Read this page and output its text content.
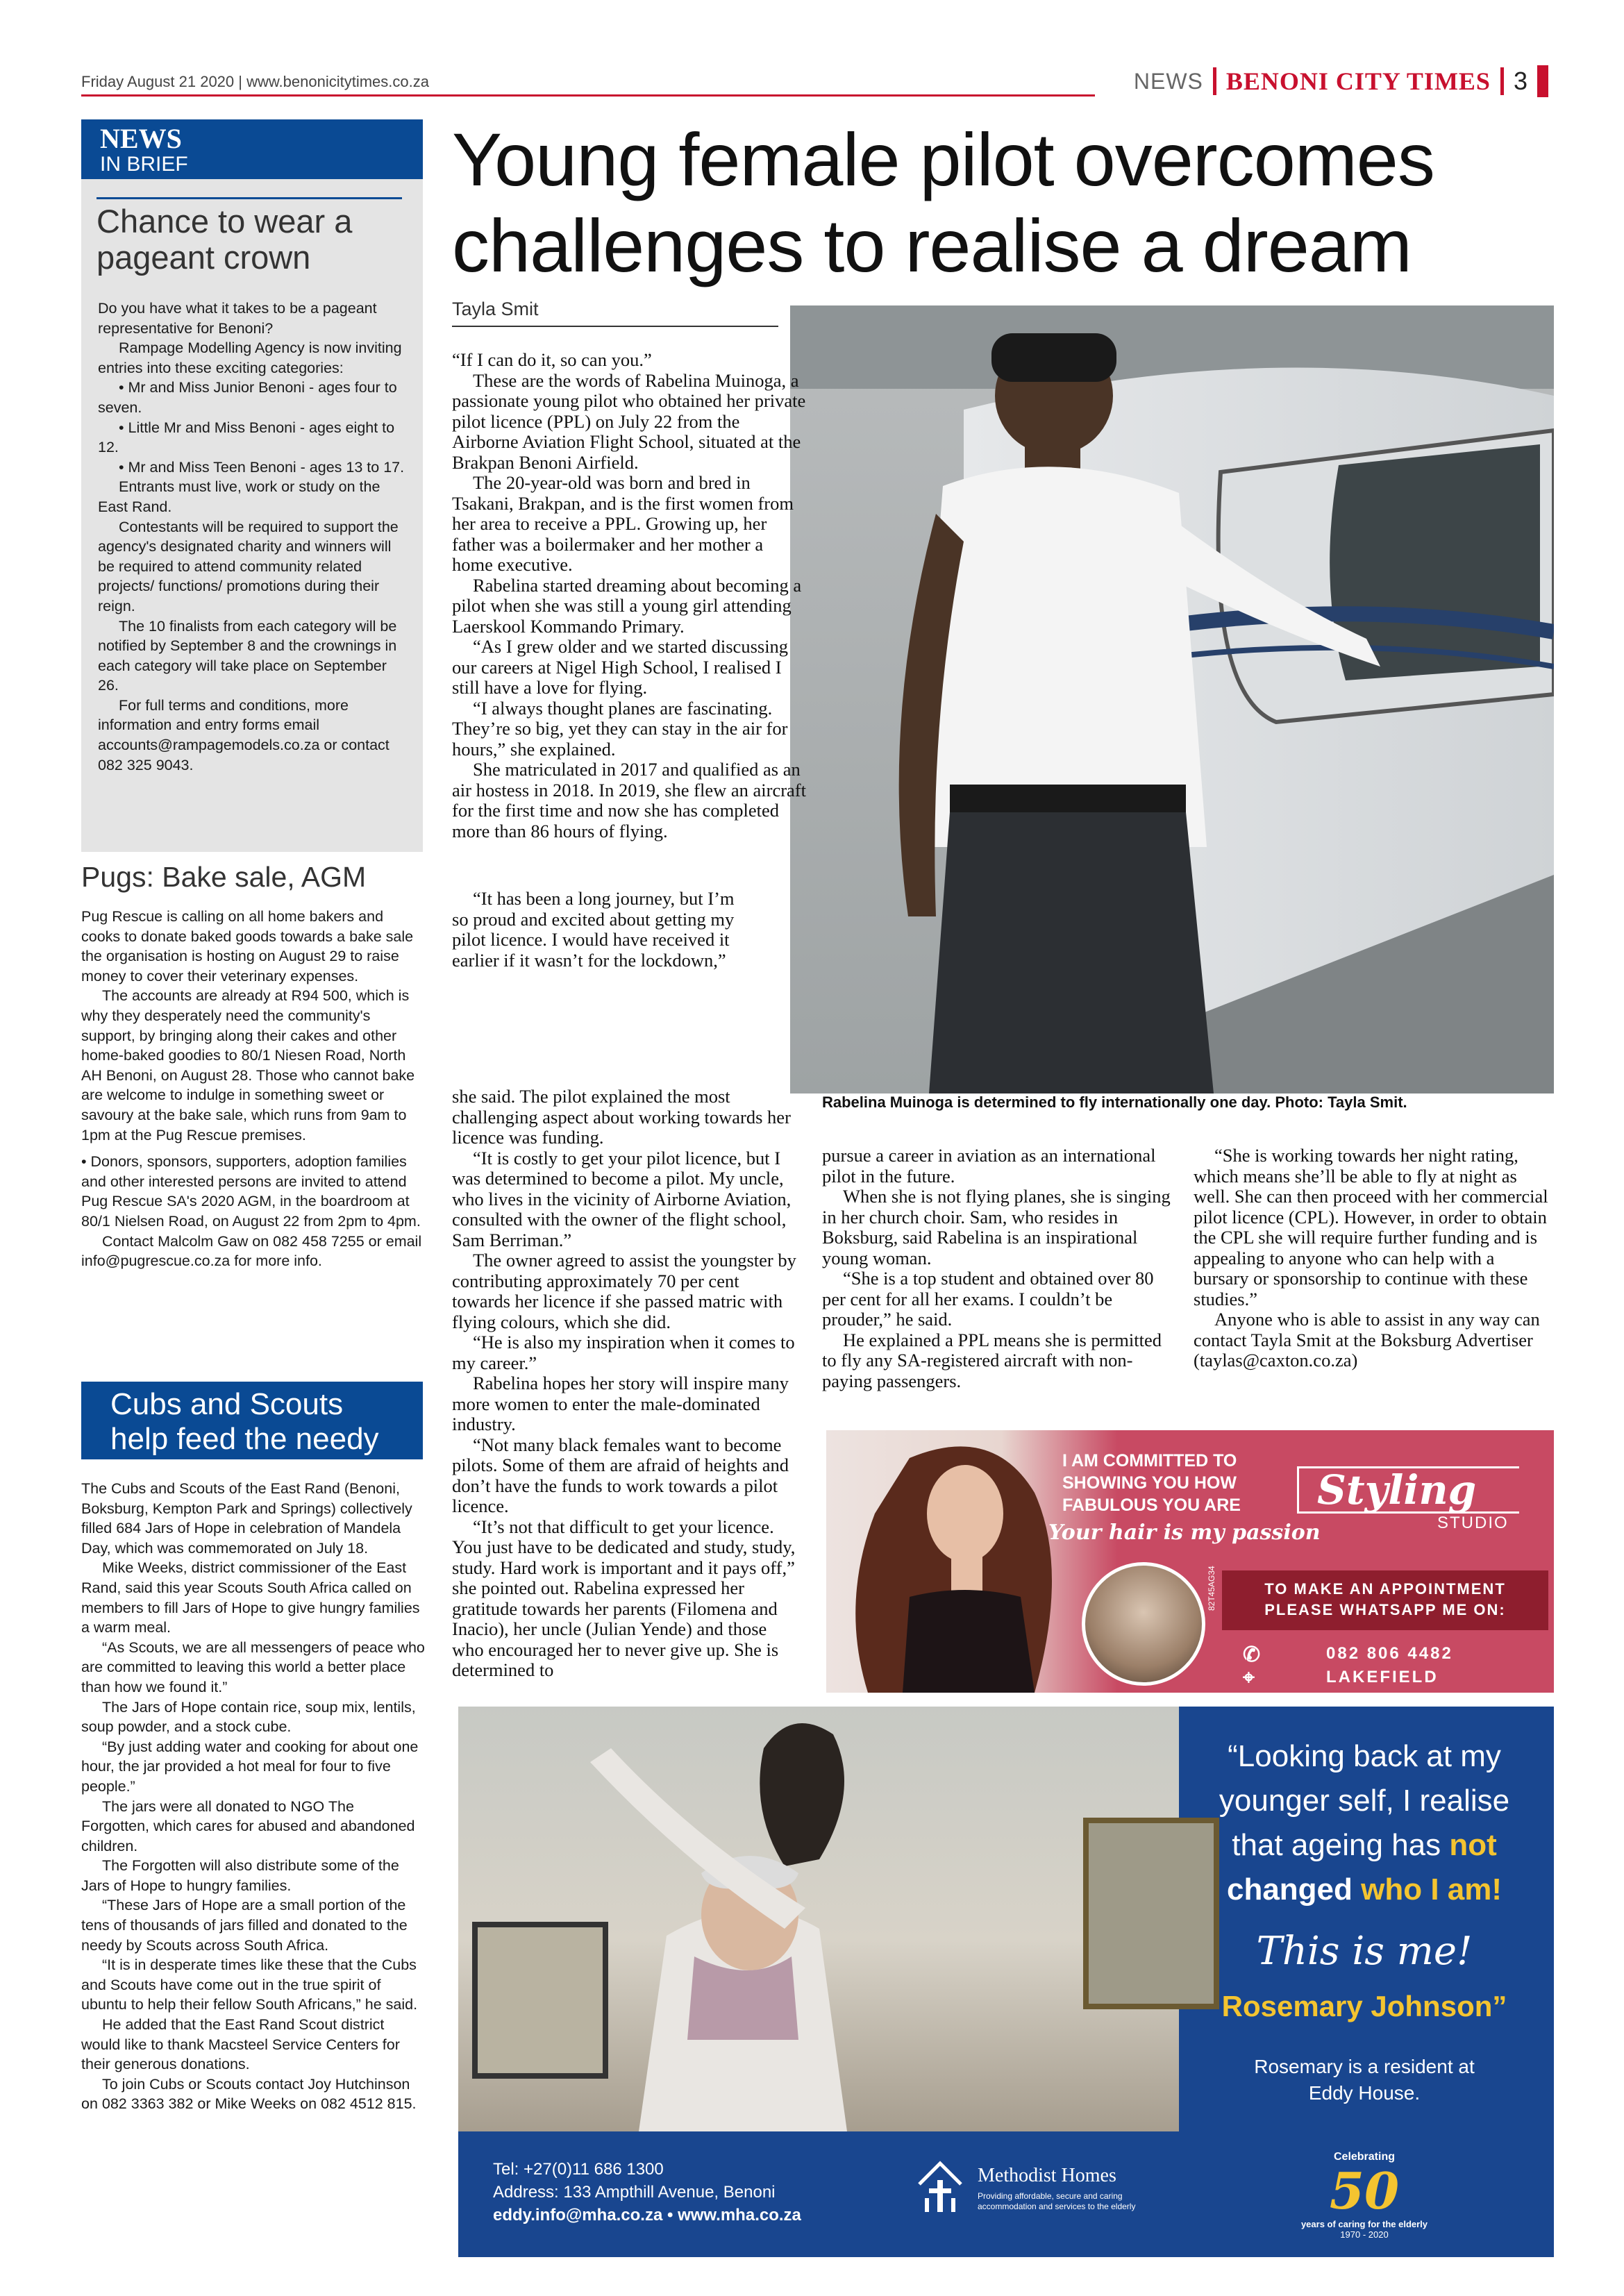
Friday August 21 2020 | www.benonicitytimes.co.za	NEWS BENONI CITY TIMES 3
NEWS
IN BRIEF
Chance to wear a
pageant crown

Do you have what it takes to be a pageant representative for Benoni?

Rampage Modelling Agency is now inviting entries into these exciting categories:

• Mr and Miss Junior Benoni - ages four to seven.

• Little Mr and Miss Benoni - ages eight to 12.

• Mr and Miss Teen Benoni - ages 13 to 17.

Entrants must live, work or study on the East Rand.

Contestants will be required to support the agency's designated charity and winners will be required to attend community related projects/ functions/ promotions during their reign.

The 10 finalists from each category will be notified by September 8 and the crownings in each category will take place on September 26.

For full terms and conditions, more information and entry forms email accounts@rampagemodels.co.za or contact 082 325 9043.

Pugs: Bake sale, AGM

Pug Rescue is calling on all home bakers and cooks to donate baked goods towards a bake sale the organisation is hosting on August 29 to raise money to cover their veterinary expenses.

The accounts are already at R94 500, which is why they desperately need the community's support, by bringing along their cakes and other home-baked goodies to 80/1 Niesen Road, North AH Benoni, on August 28. Those who cannot bake are welcome to indulge in something sweet or savoury at the bake sale, which runs from 9am to 1pm at the Pug Rescue premises.

• Donors, sponsors, supporters, adoption families and other interested persons are invited to attend Pug Rescue SA's 2020 AGM, in the boardroom at 80/1 Nielsen Road, on August 22 from 2pm to 4pm.

Contact Malcolm Gaw on 082 458 7255 or email info@pugrescue.co.za for more info.

Cubs and Scouts
help feed the needy

The Cubs and Scouts of the East Rand (Benoni, Boksburg, Kempton Park and Springs) collectively filled 684 Jars of Hope in celebration of Mandela Day, which was commemorated on July 18.

Mike Weeks, district commissioner of the East Rand, said this year Scouts South Africa called on members to fill Jars of Hope to give hungry families a warm meal.

“As Scouts, we are all messengers of peace who are committed to leaving this world a better place than how we found it.”

The Jars of Hope contain rice, soup mix, lentils, soup powder, and a stock cube.

“By just adding water and cooking for about one hour, the jar provided a hot meal for four to five people.”

The jars were all donated to NGO The Forgotten, which cares for abused and abandoned children.

The Forgotten will also distribute some of the Jars of Hope to hungry families.

“These Jars of Hope are a small portion of the tens of thousands of jars filled and donated to the needy by Scouts across South Africa.

“It is in desperate times like these that the Cubs and Scouts have come out in the true spirit of ubuntu to help their fellow South Africans,” he said.

He added that the East Rand Scout district would like to thank Macsteel Service Centers for their generous donations.

To join Cubs or Scouts contact Joy Hutchinson on 082 3363 382 or Mike Weeks on 082 4512 815.

Young female pilot overcomes
challenges to realise a dream
Tayla Smit
Rabelina Muinoga is determined to fly internationally one day. Photo: Tayla Smit.

“If I can do it, so can you.”

These are the words of Rabelina Muinoga, a passionate young pilot who obtained her private pilot licence (PPL) on July 22 from the Airborne Aviation Flight School, situated at the Brakpan Benoni Airfield.

The 20-year-old was born and bred in Tsakani, Brakpan, and is the first women from her area to receive a PPL. Growing up, her father was a boilermaker and her mother a home executive.

Rabelina started dreaming about becoming a pilot when she was still a young girl attending Laerskool Kommando Primary.

“As I grew older and we started discussing our careers at Nigel High School, I realised I still have a love for flying.

“I always thought planes are fascinating. They’re so big, yet they can stay in the air for hours,” she explained.

She matriculated in 2017 and qualified as an air hostess in 2018. In 2019, she flew an aircraft for the first time and now she has completed more than 86 hours of flying.

“It has been a long journey, but I’m so proud and excited about getting my pilot licence. I would have received it earlier if it wasn’t for the lockdown,”

she said. The pilot explained the most challenging aspect about working towards her licence was funding.

“It is costly to get your pilot licence, but I was determined to become a pilot. My uncle, who lives in the vicinity of Airborne Aviation, consulted with the owner of the flight school, Sam Berriman.”

The owner agreed to assist the youngster by contributing approximately 70 per cent towards her licence if she passed matric with flying colours, which she did.

“He is also my inspiration when it comes to my career.”

Rabelina hopes her story will inspire many more women to enter the male-dominated industry.

“Not many black females want to become pilots. Some of them are afraid of heights and don’t have the funds to work towards a pilot licence.

“It’s not that difficult to get your licence. You just have to be dedicated and study, study, study. Hard work is important and it pays off,” she pointed out. Rabelina expressed her gratitude towards her parents (Filomena and Inacio), her uncle (Julian Yende) and those who encouraged her to never give up. She is determined to

pursue a career in aviation as an international pilot in the future.

When she is not flying planes, she is singing in her church choir. Sam, who resides in Boksburg, said Rabelina is an inspirational young woman.

“She is a top student and obtained over 80 per cent for all her exams. I couldn’t be prouder,” he said.

He explained a PPL means she is permitted to fly any SA-registered aircraft with non-paying passengers.

“She is working towards her night rating, which means she’ll be able to fly at night as well. She can then proceed with her commercial pilot licence (CPL). However, in order to obtain the CPL she will require further funding and is appealing to anyone who can help with a bursary or sponsorship to continue with these studies.”

Anyone who is able to assist in any way can contact Tayla Smit at the Boksburg Advertiser (taylas@caxton.co.za)

I AM COMMITTED TO
SHOWING YOU HOW
FABULOUS YOU ARE
Your hair is my passion
Styling
STUDIO
82T45AG34	TO MAKE AN APPOINTMENT
PLEASE WHATSAPP ME ON:
✆	082 806 4482
⌖	LAKEFIELD
“Looking back at my
younger self, I realise
that ageing has not
changed who I am!
This is me!
Rosemary Johnson”
Rosemary is a resident at
Eddy House.
Celebrating
50
years of caring for the elderly
1970 - 2020
Tel: +27(0)11 686 1300
Address: 133 Ampthill Avenue, Benoni
eddy.info@mha.co.za • www.mha.co.za
Methodist Homes
Providing affordable, secure and caring accommodation and services to the elderly
